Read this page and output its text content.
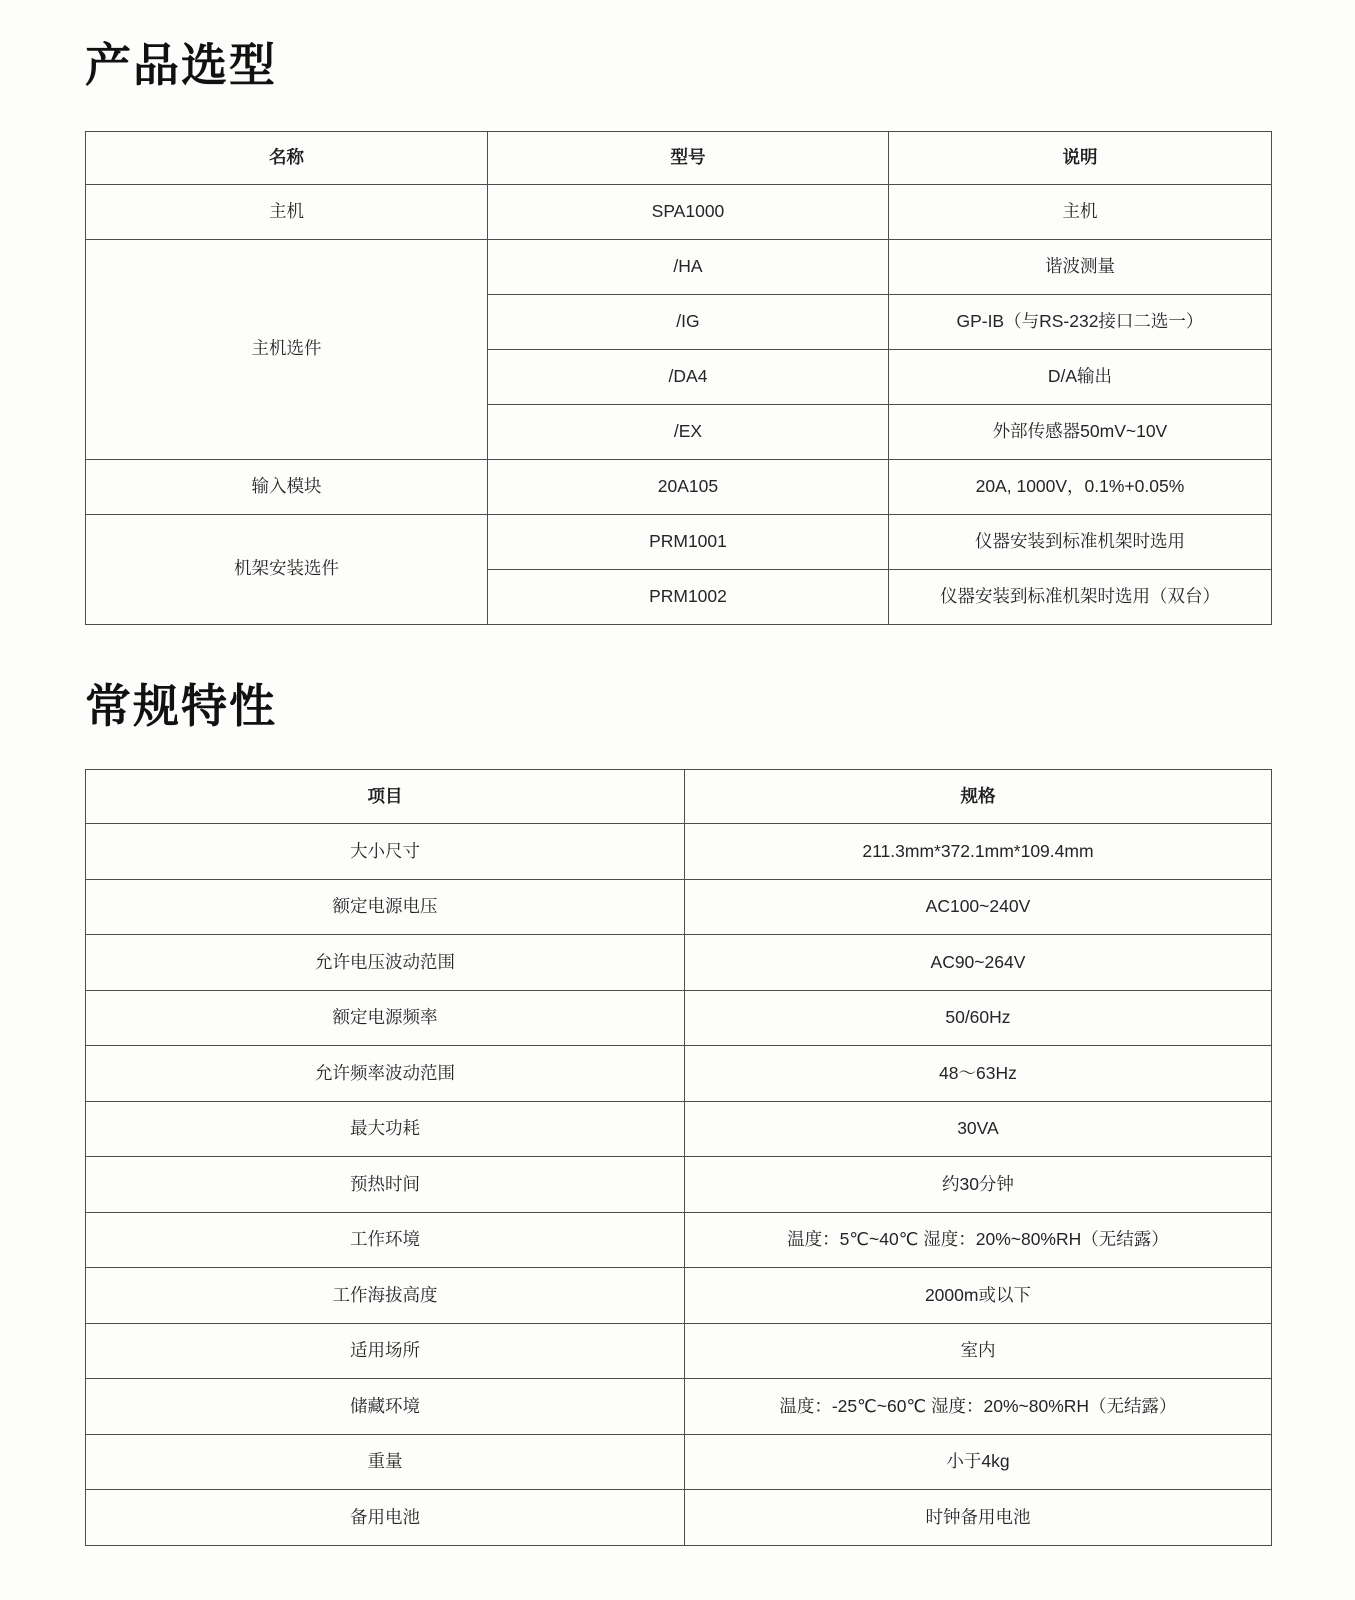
产品选型
名称	型号	说明
主机	SPA1000	主机
主机选件	/HA	谐波测量
	/IG	GP-IB（与RS-232接口二选一）
	/DA4	D/A输出
	/EX	外部传感器50mV~10V
输入模块	20A105	20A, 1000V，0.1%+0.05%
机架安装选件	PRM1001	仪器安装到标准机架时选用
	PRM1002	仪器安装到标准机架时选用（双台）
常规特性
项目	规格
大小尺寸	211.3mm*372.1mm*109.4mm
额定电源电压	AC100~240V
允许电压波动范围	AC90~264V
额定电源频率	50/60Hz
允许频率波动范围	48～63Hz
最大功耗	30VA
预热时间	约30分钟
工作环境	温度：5℃~40℃ 湿度：20%~80%RH（无结露）
工作海拔高度	2000m或以下
适用场所	室内
储藏环境	温度：-25℃~60℃ 湿度：20%~80%RH（无结露）
重量	小于4kg
备用电池	时钟备用电池
